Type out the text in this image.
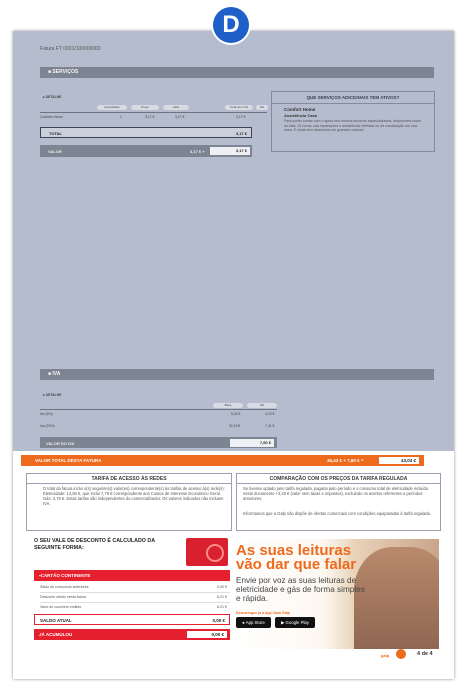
D
Fatura FT 0001/100000000
■ SERVIÇOS
▸ DETALHE
Quantidade	Preço	Valor	Total sem IVA	IVA
Conforto Home	1	3,17 €	3,17 €	3,17 €	-
TOTAL	3,17 €
VALOR	3,17 € +	3,17 €
QUE SERVIÇOS ADICIONAIS TEM ATIVOS?
Comfort Home
Assistência Casa
Para poder contar com o apoio dos nossos técnicos especializados, disponíveis todos os dias, 24 horas, nas reparações e assistência elétricas ou de canalização em sua casa. E ainda tem descontos em grandes marcas!
■ IVA
▸ DETALHE
Base	IVA
Iva (6%)	5,34 €	0,19 €
Iva (23%)	32,19 €	7,41 €
VALOR DO IVA	7,60 €
VALOR TOTAL DESTA FATURA	35,43 € + 7,60 € =	43,03 €
TARIFA DE ACESSO ÀS REDES
O total da fatura inclui o(s) seguinte(s) valor(es) correspondente(s) às tarifas de acesso à(s) rede(s): Eletricidade: 12,50 €, que inclui 7,75 € correspondente aos Custos de Interesse Económico Geral. Gás: 3,76 €. Estas tarifas são independentes do comercializador. Os valores indicados não incluem IVA.
COMPARAÇÃO COM OS PREÇOS DA TARIFA REGULADA
Se tivesse optado pelo tarifa regulada, pagaria pelo período e o consumo total de eletricidade incluído neste documento +3,33 € (valor sem taxas e impostos), excluindo os acertos referentes a períodos anteriores.
Informamos que a Galp não dispõe de ofertas comerciais com condições equiparadas à tarifa regulada.
O SEU VALE DE DESCONTO É CALCULADO DA SEGUINTE FORMA:
▪CARTÃO CONTINENTE
Saldo de consumos anteriores	0,00 €
Desconto obtido nesta fatura	6,21 €
Valor do vouchers emitido	6,21 €
SALDO ATUAL	0,00 €
JÁ ACUMULOU	0,00 €
As suas leituras
vão dar que falar
Envie por voz as suas leituras de eletricidade e gás de forma simples e rápida.
Descarregue já a App Casa Galp
● App Store	▶ Google Play
galp	4 de 4
